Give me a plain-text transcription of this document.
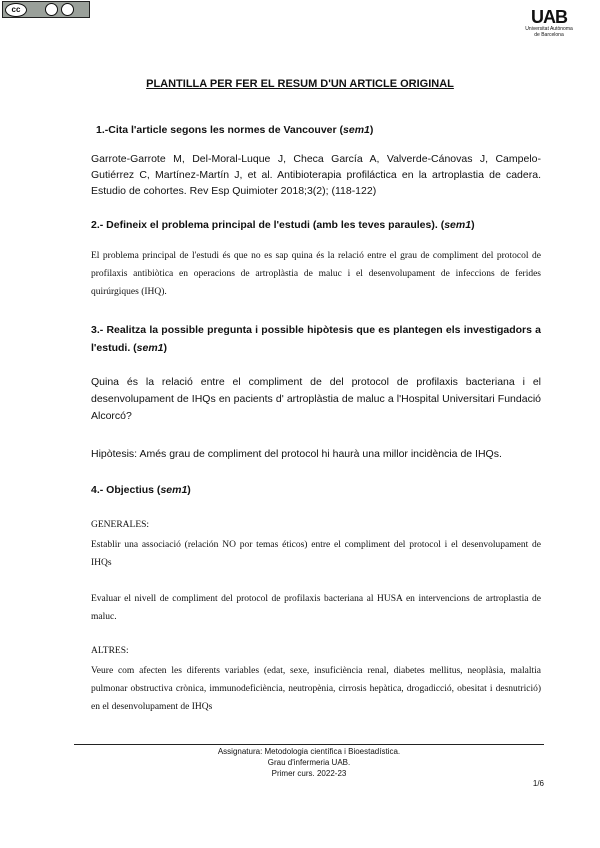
cc	UAB
Universitat Autònoma
de Barcelona
PLANTILLA PER FER EL RESUM D'UN ARTICLE ORIGINAL
1.-Cita l'article segons les normes de Vancouver (sem1)
Garrote-Garrote M, Del-Moral-Luque J, Checa García A, Valverde-Cánovas J, Campelo-Gutiérrez C, Martínez-Martín J, et al. Antibioterapia profiláctica en la artroplastia de cadera. Estudio de cohortes. Rev Esp Quimioter 2018;3(2); (118-122)
2.- Defineix el problema principal de l'estudi (amb les teves paraules). (sem1)
El problema principal de l'estudi és que no es sap quina és la relació entre el grau de compliment del protocol de profilaxis antibiòtica en operacions de artroplàstia de maluc i el desenvolupament de infeccions de ferides quirúrgiques (IHQ).
3.- Realitza la possible pregunta i possible hipòtesis que es plantegen els investigadors a l'estudi. (sem1)
Quina és la relació entre el compliment de del protocol de profilaxis bacteriana i el desenvolupament de IHQs en pacients d' artroplàstia de maluc a l'Hospital Universitari Fundació Alcorcó?
Hipòtesis: Amés grau de compliment del protocol hi haurà una millor incidència de IHQs.
4.- Objectius (sem1)
GENERALES:
Establir una associació (relación NO por temas éticos) entre el compliment del protocol i el desenvolupament de IHQs
Evaluar el nivell de compliment del protocol de profilaxis bacteriana al HUSA en intervencions de artroplastia de maluc.
ALTRES:
Veure com afecten les diferents variables (edat, sexe, insuficiència renal, diabetes mellitus, neoplàsia, malaltia pulmonar obstructiva crònica, immunodeficiència, neutropènia, cirrosis hepàtica, drogadicció, obesitat i desnutrició) en el desenvolupament de IHQs
Assignatura: Metodologia científica i Bioestadística.
Grau d'infermeria UAB.
Primer curs. 2022-23
1/6
